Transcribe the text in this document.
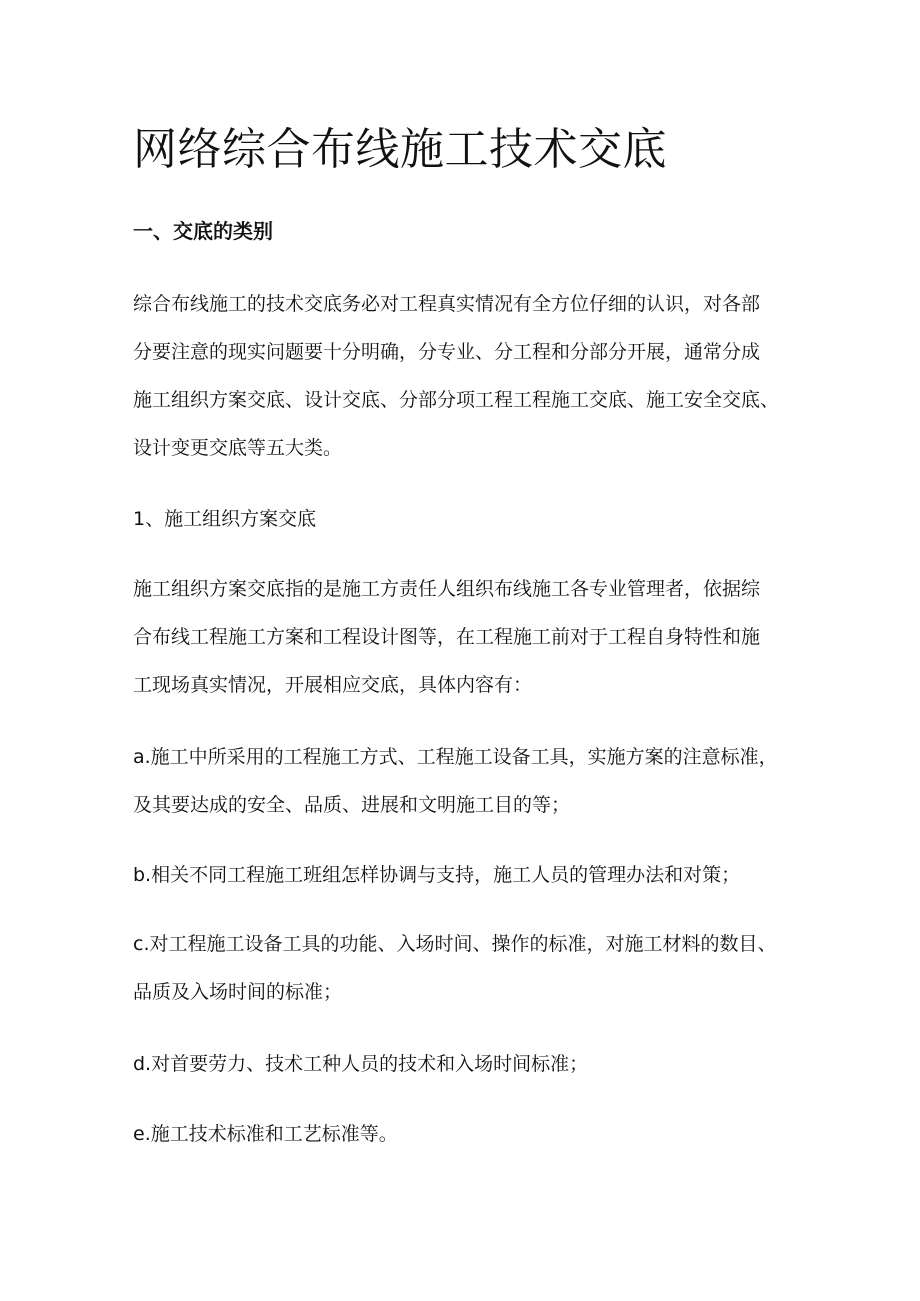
网络综合布线施工技术交底
一、交底的类别

综合布线施工的技术交底务必对工程真实情况有全方位仔细的认识，对各部
分要注意的现实问题要十分明确，分专业、分工程和分部分开展，通常分成
施工组织方案交底、设计交底、分部分项工程工程施工交底、施工安全交底、
设计变更交底等五大类。

1、施工组织方案交底

施工组织方案交底指的是施工方责任人组织布线施工各专业管理者，依据综
合布线工程施工方案和工程设计图等，在工程施工前对于工程自身特性和施
工现场真实情况，开展相应交底，具体内容有：

a.施工中所采用的工程施工方式、工程施工设备工具，实施方案的注意标准，
及其要达成的安全、品质、进展和文明施工目的等；

b.相关不同工程施工班组怎样协调与支持，施工人员的管理办法和对策；

c.对工程施工设备工具的功能、入场时间、操作的标准，对施工材料的数目、
品质及入场时间的标准；

d.对首要劳力、技术工种人员的技术和入场时间标准；

e.施工技术标准和工艺标准等。
